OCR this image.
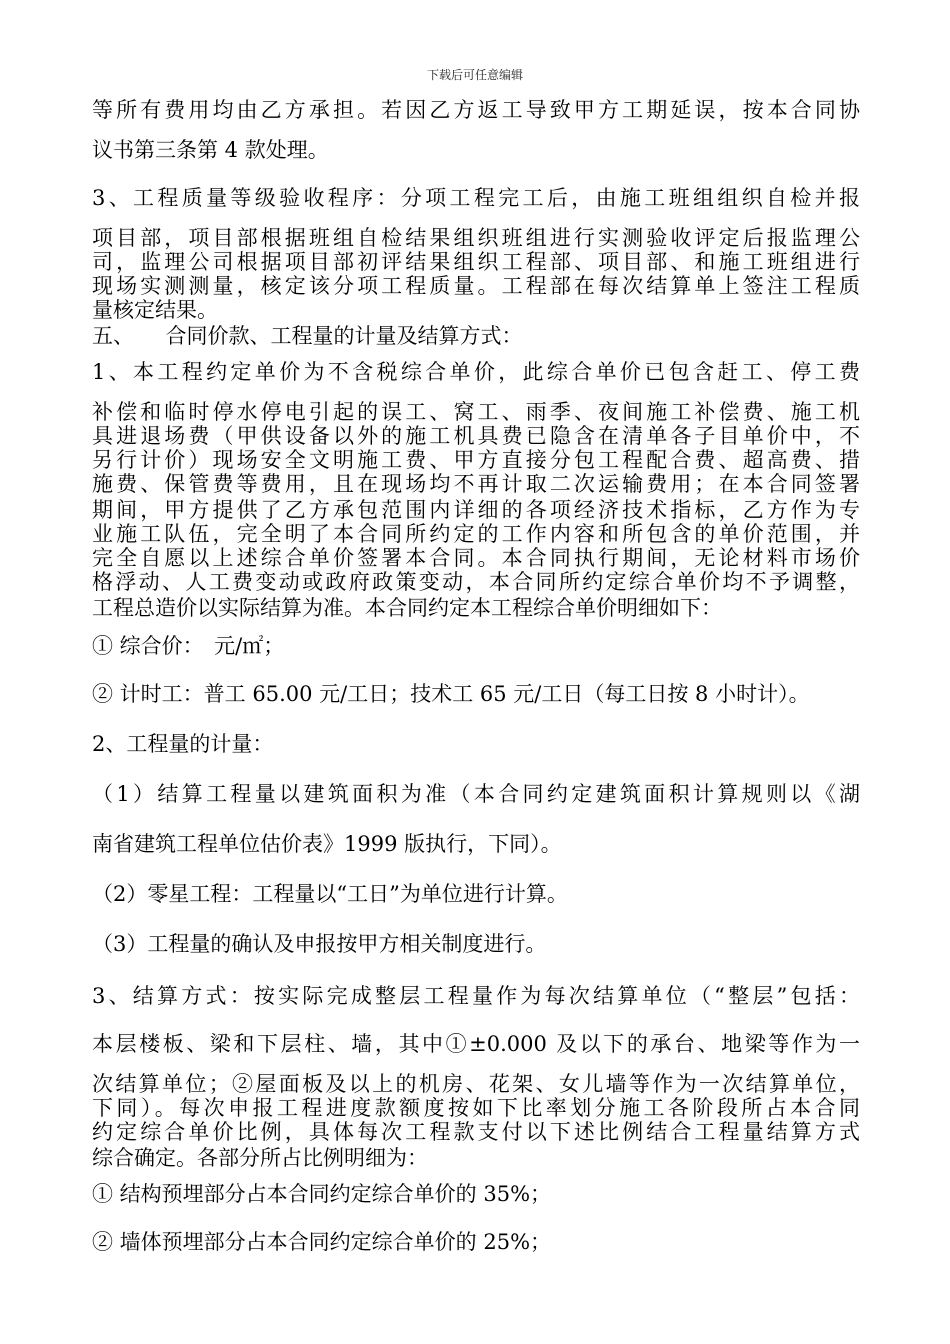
下载后可任意编辑
等所有费用均由乙方承担。若因乙方返工导致甲方工期延误，按本合同协
议书第三条第 4 款处理。
3、工程质量等级验收程序：分项工程完工后，由施工班组组织自检并报
项目部，项目部根据班组自检结果组织班组进行实测验收评定后报监理公
司，监理公司根据项目部初评结果组织工程部、项目部、和施工班组进行
现场实测测量，核定该分项工程质量。工程部在每次结算单上签注工程质
量核定结果。
五、　　合同价款、工程量的计量及结算方式：
1、本工程约定单价为不含税综合单价，此综合单价已包含赶工、停工费
补偿和临时停水停电引起的误工、窝工、雨季、夜间施工补偿费、施工机
具进退场费（甲供设备以外的施工机具费已隐含在清单各子目单价中，不
另行计价）现场安全文明施工费、甲方直接分包工程配合费、超高费、措
施费、保管费等费用，且在现场均不再计取二次运输费用；在本合同签署
期间，甲方提供了乙方承包范围内详细的各项经济技术指标，乙方作为专
业施工队伍，完全明了本合同所约定的工作内容和所包含的单价范围，并
完全自愿以上述综合单价签署本合同。本合同执行期间，无论材料市场价
格浮动、人工费变动或政府政策变动，本合同所约定综合单价均不予调整，
工程总造价以实际结算为准。本合同约定本工程综合单价明细如下：
① 综合价：　元/㎡；
② 计时工：普工 65.00 元/工日；技术工 65 元/工日（每工日按 8 小时计）。
2、工程量的计量：
（1）结算工程量以建筑面积为准（本合同约定建筑面积计算规则以《湖
南省建筑工程单位估价表》1999 版执行，下同）。
（2）零星工程：工程量以“工日”为单位进行计算。
（3）工程量的确认及申报按甲方相关制度进行。
3、结算方式：按实际完成整层工程量作为每次结算单位（“整层”包括：
本层楼板、梁和下层柱、墙，其中①±0.000 及以下的承台、地梁等作为一
次结算单位；②屋面板及以上的机房、花架、女儿墙等作为一次结算单位，
下同）。每次申报工程进度款额度按如下比率划分施工各阶段所占本合同
约定综合单价比例，具体每次工程款支付以下述比例结合工程量结算方式
综合确定。各部分所占比例明细为：
① 结构预埋部分占本合同约定综合单价的 35%；
② 墙体预埋部分占本合同约定综合单价的 25%；
